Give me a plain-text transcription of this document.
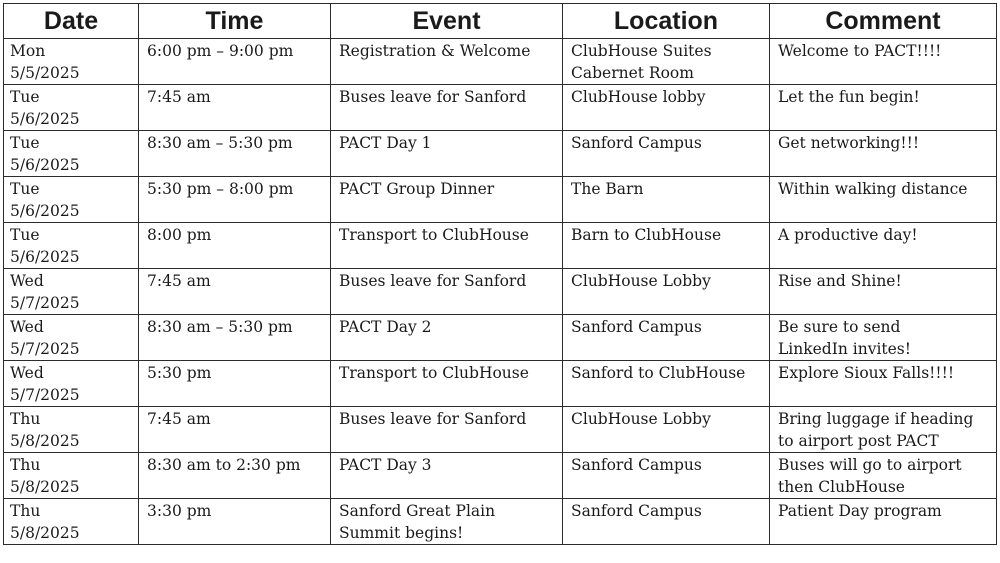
Date	Time	Event	Location	Comment
Mon
5/5/2025	6:00 pm – 9:00 pm	Registration & Welcome	ClubHouse Suites
Cabernet Room	Welcome to PACT!!!!
Tue
5/6/2025	7:45 am	Buses leave for Sanford	ClubHouse lobby	Let the fun begin!
Tue
5/6/2025	8:30 am – 5:30 pm	PACT Day 1	Sanford Campus	Get networking!!!
Tue
5/6/2025	5:30 pm – 8:00 pm	PACT Group Dinner	The Barn	Within walking distance
Tue
5/6/2025	8:00 pm	Transport to ClubHouse	Barn to ClubHouse	A productive day!
Wed
5/7/2025	7:45 am	Buses leave for Sanford	ClubHouse Lobby	Rise and Shine!
Wed
5/7/2025	8:30 am – 5:30 pm	PACT Day 2	Sanford Campus	Be sure to send
LinkedIn invites!
Wed
5/7/2025	5:30 pm	Transport to ClubHouse	Sanford to ClubHouse	Explore Sioux Falls!!!!
Thu
5/8/2025	7:45 am	Buses leave for Sanford	ClubHouse Lobby	Bring luggage if heading
to airport post PACT
Thu
5/8/2025	8:30 am to 2:30 pm	PACT Day 3	Sanford Campus	Buses will go to airport
then ClubHouse
Thu
5/8/2025	3:30 pm	Sanford Great Plain
Summit begins!	Sanford Campus	Patient Day program
